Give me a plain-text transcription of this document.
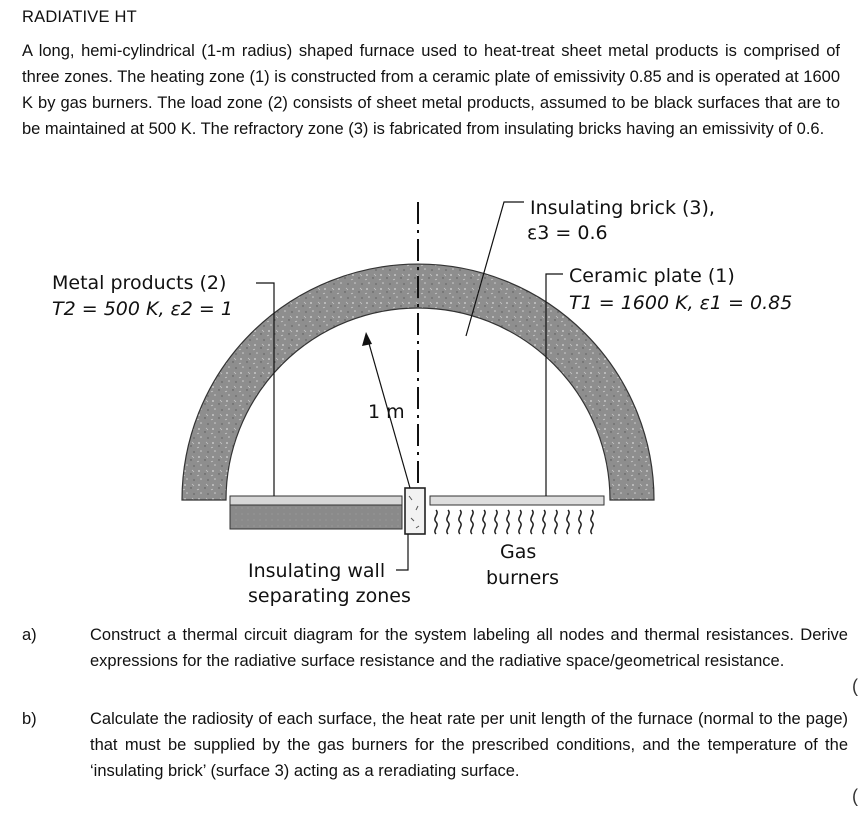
RADIATIVE HT

A long, hemi-cylindrical (1-m radius) shaped furnace used to heat-treat sheet metal products is comprised of three zones. The heating zone (1) is constructed from a ceramic plate of emissivity 0.85 and is operated at 1600 K by gas burners. The load zone (2) consists of sheet metal products, assumed to be black surfaces that are to be maintained at 500 K. The refractory zone (3) is fabricated from insulating bricks having an emissivity of 0.6.

Insulating brick (3),
ε3 = 0.6
Ceramic plate (1)
T1 = 1600 K, ε1 = 0.85
Metal products (2)
T2 = 500 K, ε2 = 1
1 m
Insulating wall
separating zones
Gas
burners
a)	Construct a thermal circuit diagram for the system labeling all nodes and thermal resistances. Derive expressions for the radiative surface resistance and the radiative space/geometrical resistance.
b)	Calculate the radiosity of each surface, the heat rate per unit length of the furnace (normal to the page) that must be supplied by the gas burners for the prescribed conditions, and the temperature of the ‘insulating brick’ (surface 3) acting as a reradiating surface.
(
(
